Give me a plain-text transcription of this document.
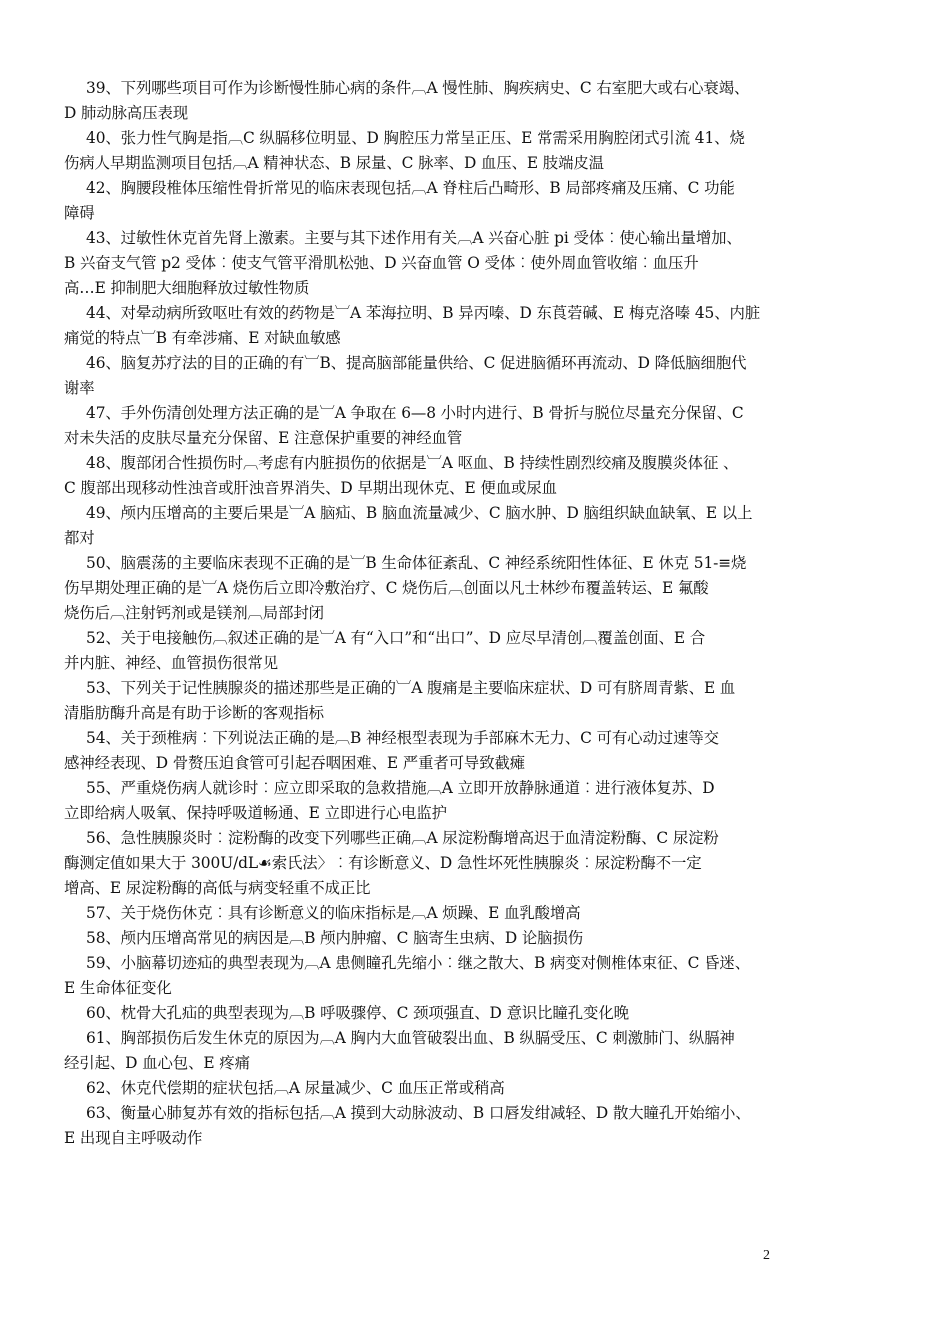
39、下列哪些项目可作为诊断慢性肺心病的条件︹A 慢性肺、胸疾病史、C 右室肥大或右心衰竭、
D 肺动脉高压表现

40、张力性气胸是指︹C 纵膈移位明显、D 胸腔压力常呈正压、E 常需采用胸腔闭式引流 41、烧
伤病人早期监测项目包括︹A 精神状态、B 尿量、C 脉率、D 血压、E 肢端皮温

42、胸腰段椎体压缩性骨折常见的临床表现包括︹A 脊柱后凸畸形、B 局部疼痛及压痛、C 功能
障碍

43、过敏性休克首先肾上激素。主要与其下述作用有关︹A 兴奋心脏 pi 受体︰使心输出量增加、
B 兴奋支气管 p2 受体︰使支气管平滑肌松弛、D 兴奋血管 O 受体︰使外周血管收缩︰血压升
高…E 抑制肥大细胞释放过敏性物质

44、对晕动病所致呕吐有效的药物是︺A 苯海拉明、B 异丙嗪、D 东莨菪碱、E 梅克洛嗪 45、内脏
痛觉的特点︺B 有牵涉痛、E 对缺血敏感

46、脑复苏疗法的目的正确的有︺B、提高脑部能量供给、C 促进脑循环再流动、D 降低脑细胞代
谢率

47、手外伤清创处理方法正确的是︺A 争取在 6—8 小时内进行、B 骨折与脱位尽量充分保留、C
对未失活的皮肤尽量充分保留、E 注意保护重要的神经血管

48、腹部闭合性损伤时︹考虑有内脏损伤的依据是︺A 呕血、B 持续性剧烈绞痛及腹膜炎体征 、
C 腹部出现移动性浊音或肝浊音界消失、D 早期出现休克、E 便血或尿血

49、颅内压增高的主要后果是︺A 脑疝、B 脑血流量减少、C 脑水肿、D 脑组织缺血缺氧、E 以上
都对

50、脑震荡的主要临床表现不正确的是︺B 生命体征紊乱、C 神经系统阳性体征、E 休克 51-≡烧
伤早期处理正确的是︺A 烧伤后立即冷敷治疗、C 烧伤后︹创面以凡士林纱布覆盖转运、E 氟酸
烧伤后︹注射钙剂或是镁剂︹局部封闭

52、关于电接触伤︹叙述正确的是︺A 有“入口”和“出口”、D 应尽早清创︹覆盖创面、E 合
并内脏、神经、血管损伤很常见

53、下列关于记性胰腺炎的描述那些是正确的︺A 腹痛是主要临床症状、D 可有脐周青紫、E 血
清脂肪酶升高是有助于诊断的客观指标

54、关于颈椎病︰下列说法正确的是︹B 神经根型表现为手部麻木无力、C 可有心动过速等交
感神经表现、D 骨赘压迫食管可引起吞咽困难、E 严重者可导致截瘫

55、严重烧伤病人就诊时︰应立即采取的急救措施︹A 立即开放静脉通道︰进行液体复苏、D
立即给病人吸氧、保持呼吸道畅通、E 立即进行心电监护

56、急性胰腺炎时︰淀粉酶的改变下列哪些正确︹A 尿淀粉酶增高迟于血清淀粉酶、C 尿淀粉
酶测定值如果大于 300U/dL☙索氏法〉︰有诊断意义、D 急性坏死性胰腺炎︰尿淀粉酶不一定
增高、E 尿淀粉酶的高低与病变轻重不成正比

57、关于烧伤休克︰具有诊断意义的临床指标是︹A 烦躁、E 血乳酸增高

58、颅内压增高常见的病因是︹B 颅内肿瘤、C 脑寄生虫病、D 论脑损伤

59、小脑幕切迹疝的典型表现为︹A 患侧瞳孔先缩小︰继之散大、B 病变对侧椎体束征、C 昏迷、
E 生命体征变化

60、枕骨大孔疝的典型表现为︹B 呼吸骤停、C 颈项强直、D 意识比瞳孔变化晚

61、胸部损伤后发生休克的原因为︹A 胸内大血管破裂出血、B 纵膈受压、C 刺激肺门、纵膈神
经引起、D 血心包、E 疼痛

62、休克代偿期的症状包括︹A 尿量减少、C 血压正常或稍高

63、衡量心肺复苏有效的指标包括︹A 摸到大动脉波动、B 口唇发绀减轻、D 散大瞳孔开始缩小、
E 出现自主呼吸动作

2
